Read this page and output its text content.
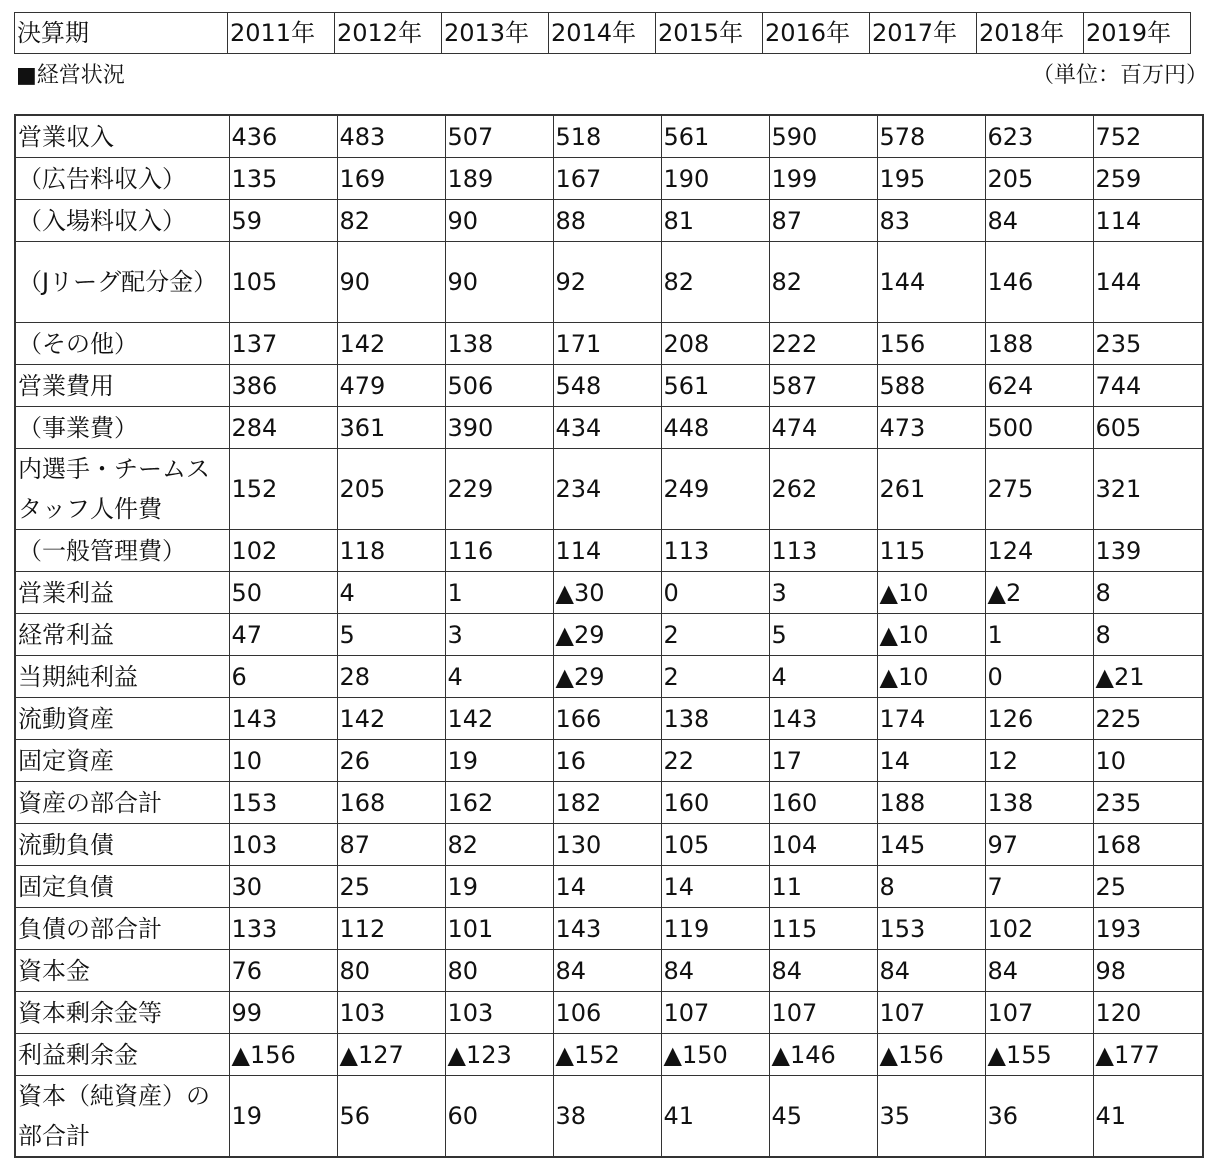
決算期	2011年	2012年	2013年	2014年	2015年	2016年	2017年	2018年	2019年
■経営状況	（単位：百万円）
営業収入	436	483	507	518	561	590	578	623	752
（広告料収入）	135	169	189	167	190	199	195	205	259
（入場料収入）	59	82	90	88	81	87	83	84	114
（Jリーグ配分金）	105	90	90	92	82	82	144	146	144
（その他）	137	142	138	171	208	222	156	188	235
営業費用	386	479	506	548	561	587	588	624	744
（事業費）	284	361	390	434	448	474	473	500	605
内選手・チームスタッフ人件費	152	205	229	234	249	262	261	275	321
（一般管理費）	102	118	116	114	113	113	115	124	139
営業利益	50	4	1	▲30	0	3	▲10	▲2	8
経常利益	47	5	3	▲29	2	5	▲10	1	8
当期純利益	6	28	4	▲29	2	4	▲10	0	▲21
流動資産	143	142	142	166	138	143	174	126	225
固定資産	10	26	19	16	22	17	14	12	10
資産の部合計	153	168	162	182	160	160	188	138	235
流動負債	103	87	82	130	105	104	145	97	168
固定負債	30	25	19	14	14	11	8	7	25
負債の部合計	133	112	101	143	119	115	153	102	193
資本金	76	80	80	84	84	84	84	84	98
資本剰余金等	99	103	103	106	107	107	107	107	120
利益剰余金	▲156	▲127	▲123	▲152	▲150	▲146	▲156	▲155	▲177
資本（純資産）の部合計	19	56	60	38	41	45	35	36	41
